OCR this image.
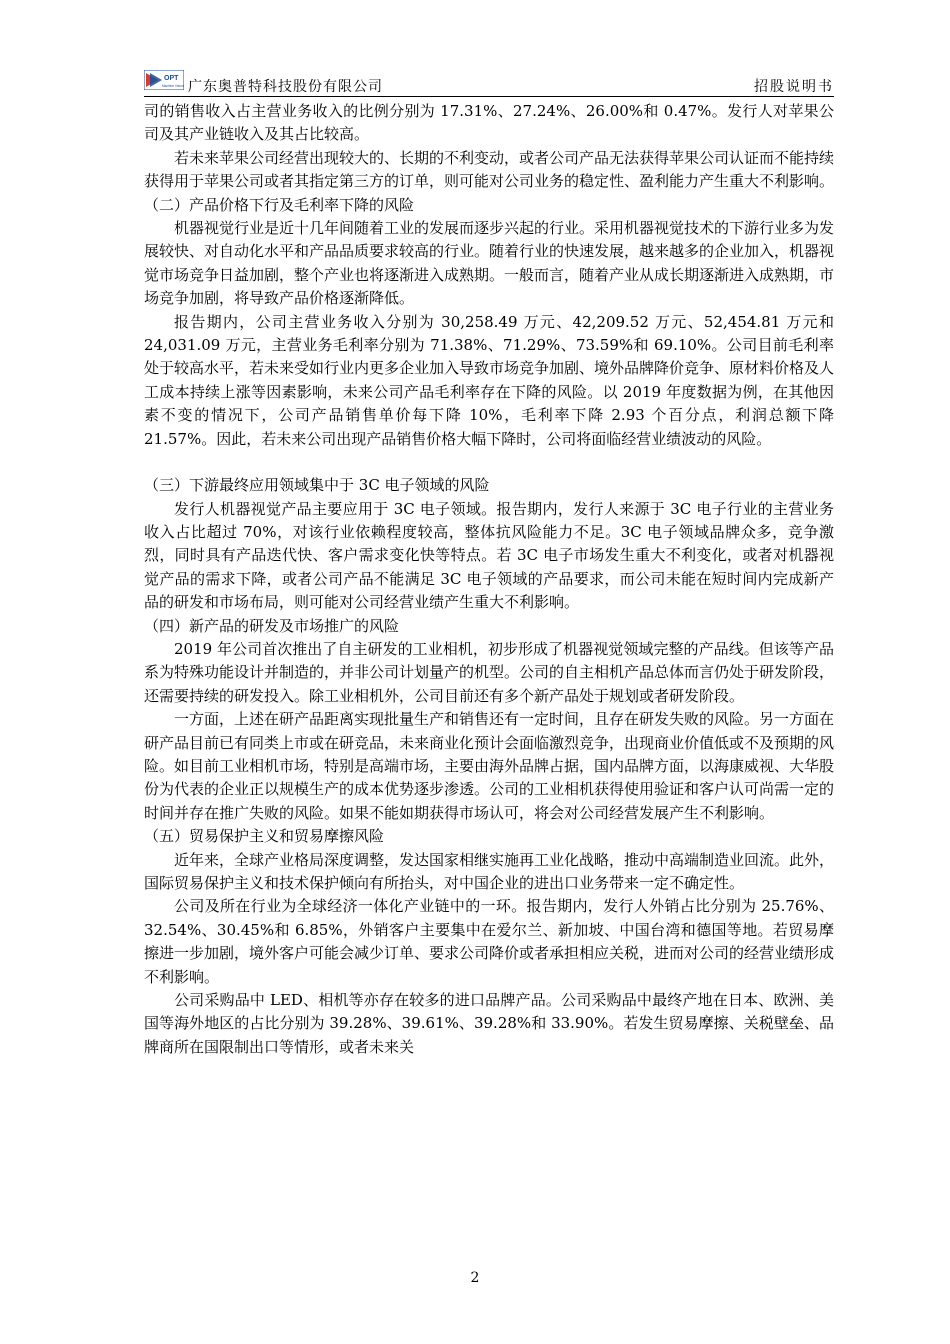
OPT
Machine Vision 广东奥普特科技股份有限公司	招股说明书

司的销售收入占主营业务收入的比例分别为 17.31%、27.24%、26.00%和 0.47%。发行人对苹果公司及其产业链收入及其占比较高。

若未来苹果公司经营出现较大的、长期的不利变动，或者公司产品无法获得苹果公司认证而不能持续获得用于苹果公司或者其指定第三方的订单，则可能对公司业务的稳定性、盈利能力产生重大不利影响。

（二）产品价格下行及毛利率下降的风险

机器视觉行业是近十几年间随着工业的发展而逐步兴起的行业。采用机器视觉技术的下游行业多为发展较快、对自动化水平和产品品质要求较高的行业。随着行业的快速发展，越来越多的企业加入，机器视觉市场竞争日益加剧，整个产业也将逐渐进入成熟期。一般而言，随着产业从成长期逐渐进入成熟期，市场竞争加剧，将导致产品价格逐渐降低。

报告期内，公司主营业务收入分别为 30,258.49 万元、42,209.52 万元、52,454.81 万元和 24,031.09 万元，主营业务毛利率分别为 71.38%、71.29%、73.59%和 69.10%。公司目前毛利率处于较高水平，若未来受如行业内更多企业加入导致市场竞争加剧、境外品牌降价竞争、原材料价格及人工成本持续上涨等因素影响，未来公司产品毛利率存在下降的风险。以 2019 年度数据为例，在其他因素不变的情况下，公司产品销售单价每下降 10%，毛利率下降 2.93 个百分点，利润总额下降 21.57%。因此，若未来公司出现产品销售价格大幅下降时，公司将面临经营业绩波动的风险。

（三）下游最终应用领域集中于 3C 电子领域的风险

发行人机器视觉产品主要应用于 3C 电子领域。报告期内，发行人来源于 3C 电子行业的主营业务收入占比超过 70%，对该行业依赖程度较高，整体抗风险能力不足。3C 电子领域品牌众多，竞争激烈，同时具有产品迭代快、客户需求变化快等特点。若 3C 电子市场发生重大不利变化，或者对机器视觉产品的需求下降，或者公司产品不能满足 3C 电子领域的产品要求，而公司未能在短时间内完成新产品的研发和市场布局，则可能对公司经营业绩产生重大不利影响。

（四）新产品的研发及市场推广的风险

2019 年公司首次推出了自主研发的工业相机，初步形成了机器视觉领域完整的产品线。但该等产品系为特殊功能设计并制造的，并非公司计划量产的机型。公司的自主相机产品总体而言仍处于研发阶段，还需要持续的研发投入。除工业相机外，公司目前还有多个新产品处于规划或者研发阶段。

一方面，上述在研产品距离实现批量生产和销售还有一定时间，且存在研发失败的风险。另一方面在研产品目前已有同类上市或在研竞品，未来商业化预计会面临激烈竞争，出现商业价值低或不及预期的风险。如目前工业相机市场，特别是高端市场，主要由海外品牌占据，国内品牌方面，以海康威视、大华股份为代表的企业正以规模生产的成本优势逐步渗透。公司的工业相机获得使用验证和客户认可尚需一定的时间并存在推广失败的风险。如果不能如期获得市场认可，将会对公司经营发展产生不利影响。

（五）贸易保护主义和贸易摩擦风险

近年来，全球产业格局深度调整，发达国家相继实施再工业化战略，推动中高端制造业回流。此外，国际贸易保护主义和技术保护倾向有所抬头，对中国企业的进出口业务带来一定不确定性。

公司及所在行业为全球经济一体化产业链中的一环。报告期内，发行人外销占比分别为 25.76%、32.54%、30.45%和 6.85%，外销客户主要集中在爱尔兰、新加坡、中国台湾和德国等地。若贸易摩擦进一步加剧，境外客户可能会减少订单、要求公司降价或者承担相应关税，进而对公司的经营业绩形成不利影响。

公司采购品中 LED、相机等亦存在较多的进口品牌产品。公司采购品中最终产地在日本、欧洲、美国等海外地区的占比分别为 39.28%、39.61%、39.28%和 33.90%。若发生贸易摩擦、关税壁垒、品牌商所在国限制出口等情形，或者未来关

2
